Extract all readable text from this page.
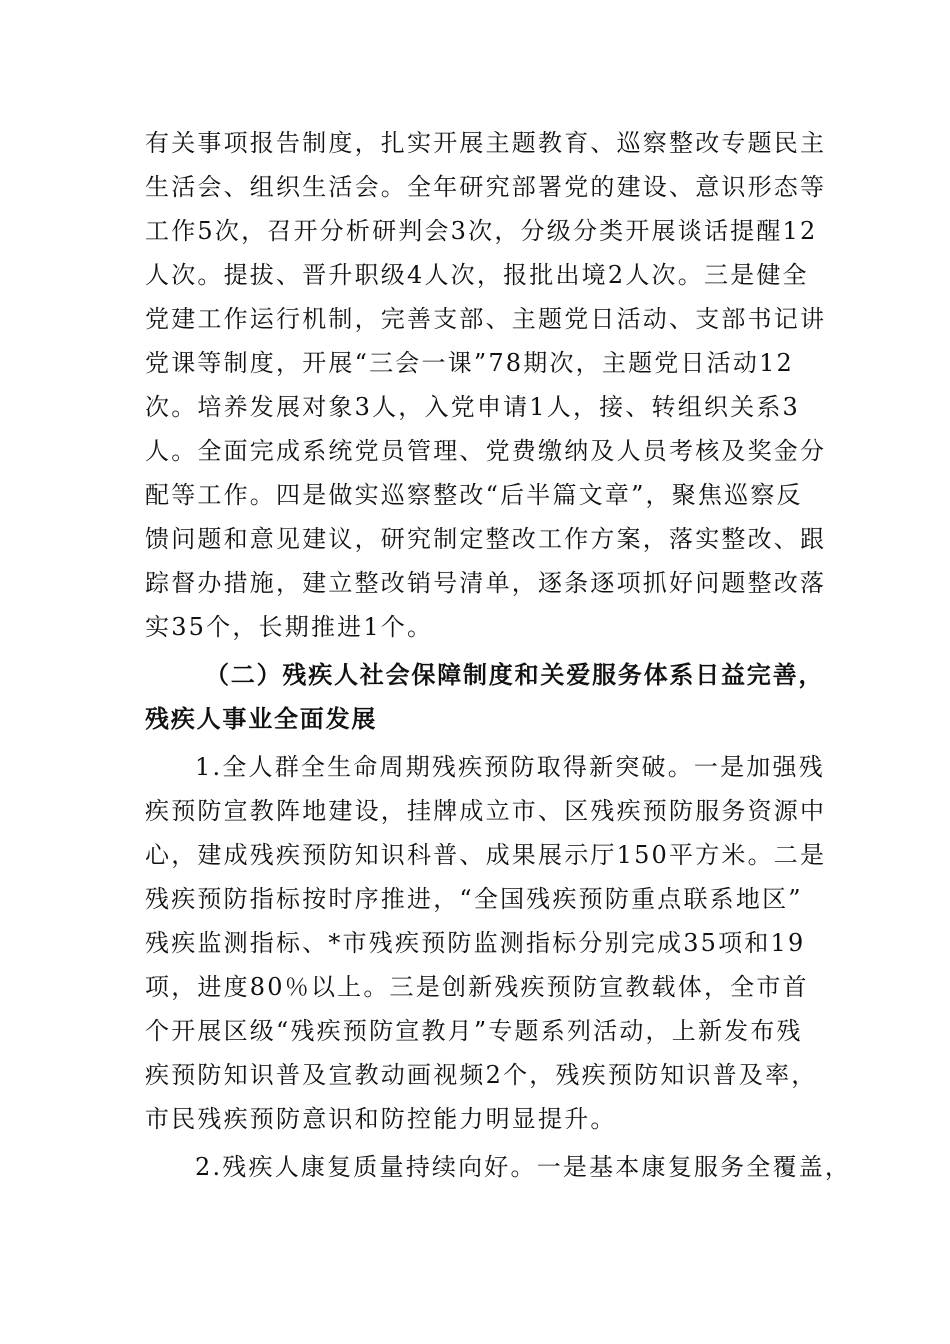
有关事项报告制度，扎实开展主题教育、巡察整改专题民主
生活会、组织生活会。全年研究部署党的建设、意识形态等
工作5次，召开分析研判会3次，分级分类开展谈话提醒12
人次。提拔、晋升职级4人次，报批出境2人次。三是健全
党建工作运行机制，完善支部、主题党日活动、支部书记讲
党课等制度，开展“三会一课”78期次，主题党日活动12
次。培养发展对象3人，入党申请1人，接、转组织关系3
人。全面完成系统党员管理、党费缴纳及人员考核及奖金分
配等工作。四是做实巡察整改“后半篇文章”，聚焦巡察反
馈问题和意见建议，研究制定整改工作方案，落实整改、跟
踪督办措施，建立整改销号清单，逐条逐项抓好问题整改落
实35个，长期推进1个。
（二）残疾人社会保障制度和关爱服务体系日益完善，
残疾人事业全面发展
1.全人群全生命周期残疾预防取得新突破。一是加强残
疾预防宣教阵地建设，挂牌成立市、区残疾预防服务资源中
心，建成残疾预防知识科普、成果展示厅150平方米。二是
残疾预防指标按时序推进，“全国残疾预防重点联系地区”
残疾监测指标、*市残疾预防监测指标分别完成35项和19
项，进度80％以上。三是创新残疾预防宣教载体，全市首
个开展区级“残疾预防宣教月”专题系列活动，上新发布残
疾预防知识普及宣教动画视频2个，残疾预防知识普及率，
市民残疾预防意识和防控能力明显提升。
2.残疾人康复质量持续向好。一是基本康复服务全覆盖，
